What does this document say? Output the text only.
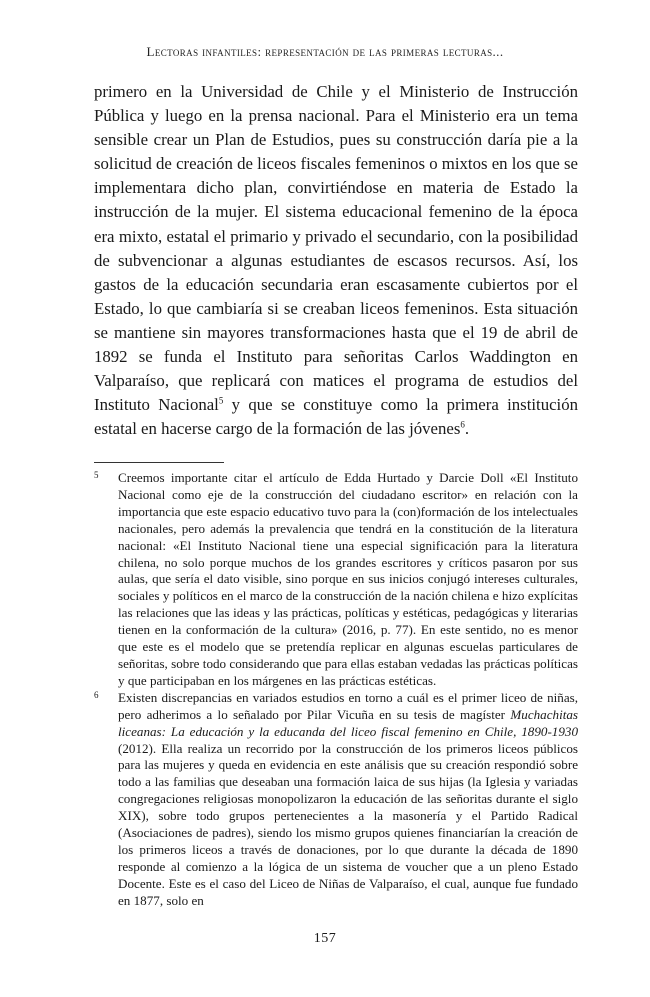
Lectoras infantiles: representación de las primeras lecturas...

primero en la Universidad de Chile y el Ministerio de Instrucción Pública y luego en la prensa nacional. Para el Ministerio era un tema sensible crear un Plan de Estudios, pues su construcción daría pie a la solicitud de creación de liceos fiscales femeninos o mixtos en los que se implementara dicho plan, convirtiéndose en materia de Estado la instrucción de la mujer. El sistema educacional femenino de la época era mixto, estatal el primario y privado el secundario, con la posibilidad de subvencionar a algunas estudiantes de escasos recursos. Así, los gastos de la educación secundaria eran escasamente cubiertos por el Estado, lo que cambiaría si se creaban liceos femeninos. Esta situación se mantiene sin mayores transformaciones hasta que el 19 de abril de 1892 se funda el Instituto para señoritas Carlos Waddington en Valparaíso, que replicará con matices el programa de estudios del Instituto Nacional$^5$ y que se constituye como la primera institución estatal en hacerse cargo de la formación de las jóvenes$^6$.

5 Creemos importante citar el artículo de Edda Hurtado y Darcie Doll «El Instituto Nacional como eje de la construcción del ciudadano escritor» en relación con la importancia que este espacio educativo tuvo para la (con)formación de los intelectuales nacionales, pero además la prevalencia que tendrá en la constitución de la literatura nacional: «El Instituto Nacional tiene una especial significación para la literatura chilena, no solo porque muchos de los grandes escritores y críticos pasaron por sus aulas, que sería el dato visible, sino porque en sus inicios conjugó intereses culturales, sociales y políticos en el marco de la construcción de la nación chilena e hizo explícitas las relaciones que las ideas y las prácticas, políticas y estéticas, pedagógicas y literarias tienen en la conformación de la cultura» (2016, p. 77). En este sentido, no es menor que este es el modelo que se pretendía replicar en algunas escuelas particulares de señoritas, sobre todo considerando que para ellas estaban vedadas las prácticas políticas y que participaban en los márgenes en las prácticas estéticas.

6 Existen discrepancias en variados estudios en torno a cuál es el primer liceo de niñas, pero adherimos a lo señalado por Pilar Vicuña en su tesis de magíster Muchachitas liceanas: La educación y la educanda del liceo fiscal femenino en Chile, 1890-1930 (2012). Ella realiza un recorrido por la construcción de los primeros liceos públicos para las mujeres y queda en evidencia en este análisis que su creación respondió sobre todo a las familias que deseaban una formación laica de sus hijas (la Iglesia y variadas congregaciones religiosas monopolizaron la educación de las señoritas durante el siglo XIX), sobre todo grupos pertenecientes a la masonería y el Partido Radical (Asociaciones de padres), siendo los mismo grupos quienes financiarían la creación de los primeros liceos a través de donaciones, por lo que durante la década de 1890 responde al comienzo a la lógica de un sistema de voucher que a un pleno Estado Docente. Este es el caso del Liceo de Niñas de Valparaíso, el cual, aunque fue fundado en 1877, solo en

157
